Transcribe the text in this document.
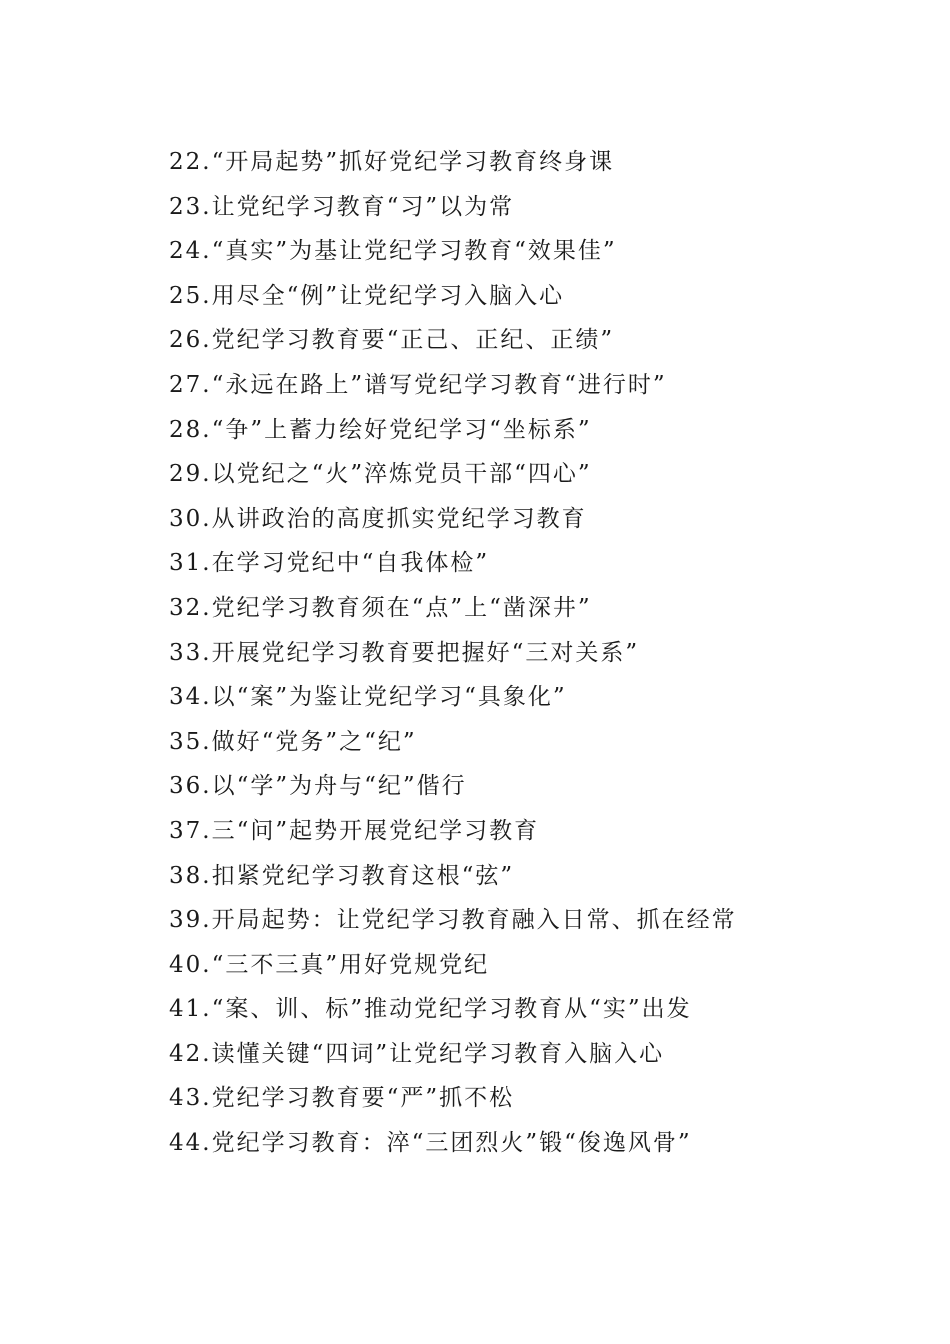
22.“开局起势”抓好党纪学习教育终身课
23.让党纪学习教育“习”以为常
24.“真实”为基让党纪学习教育“效果佳”
25.用尽全“例”让党纪学习入脑入心
26.党纪学习教育要“正己、正纪、正绩”
27.“永远在路上”谱写党纪学习教育“进行时”
28.“争”上蓄力绘好党纪学习“坐标系”
29.以党纪之“火”淬炼党员干部“四心”
30.从讲政治的高度抓实党纪学习教育
31.在学习党纪中“自我体检”
32.党纪学习教育须在“点”上“凿深井”
33.开展党纪学习教育要把握好“三对关系”
34.以“案”为鉴让党纪学习“具象化”
35.做好“党务”之“纪”
36.以“学”为舟与“纪”偕行
37.三“问”起势开展党纪学习教育
38.扣紧党纪学习教育这根“弦”
39.开局起势：让党纪学习教育融入日常、抓在经常
40.“三不三真”用好党规党纪
41.“案、训、标”推动党纪学习教育从“实”出发
42.读懂关键“四词”让党纪学习教育入脑入心
43.党纪学习教育要“严”抓不松
44.党纪学习教育：淬“三团烈火”锻“俊逸风骨”
